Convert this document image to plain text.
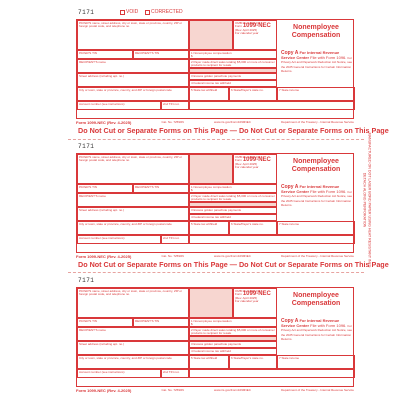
7171	VOID	CORRECTED
PAYER'S name, street address, city or town, state or province, country, ZIP or foreign postal code, and telephone no.
OMB No. 1545-0116
Form 1099-NEC
(Rev. April 2025)
For calendar year
Nonemployee Compensation
PAYER'S TIN	RECIPIENT'S TIN	1 Nonemployee compensation
$
Copy A For Internal Revenue Service Center File with Form 1096. For Privacy Act and Paperwork Reduction Act Notice, see the 2025 General Instructions for Certain Information Returns.
RECIPIENT'S name	2 Payer made direct sales totaling $5,000 or more of consumer products to recipient for resale
Street address (including apt. no.)	3 Excess golden parachute payments
4 Federal income tax withheld
City or town, state or province, country, and ZIP or foreign postal code	5 State tax withheld	6 State/Payer's state no.	7 State income
Account number (see instructions)	2nd TIN not.
Form 1099-NEC (Rev. 4-2025)	Cat. No. 72590N	www.irs.gov/Form1099NEC	Department of the Treasury - Internal Revenue Service
Do Not Cut or Separate Forms on This Page — Do Not Cut or Separate Forms on This Page
7171
PAYER'S name, street address, city or town, state or province, country, ZIP or foreign postal code, and telephone no.
OMB No. 1545-0116
Form 1099-NEC
(Rev. April 2025)
For calendar year
Nonemployee Compensation
PAYER'S TIN	RECIPIENT'S TIN	1 Nonemployee compensation
$
Copy A For Internal Revenue Service Center File with Form 1096. For Privacy Act and Paperwork Reduction Act Notice, see the 2025 General Instructions for Certain Information Returns.
RECIPIENT'S name	2 Payer made direct sales totaling $5,000 or more of consumer products to recipient for resale
Street address (including apt. no.)	3 Excess golden parachute payments
4 Federal income tax withheld
City or town, state or province, country, and ZIP or foreign postal code	5 State tax withheld	6 State/Payer's state no.	7 State income
Account number (see instructions)	2nd TIN not.
Form 1099-NEC (Rev. 4-2025)	Cat. No. 72590N	www.irs.gov/Form1099NEC	Department of the Treasury - Internal Revenue Service
Do Not Cut or Separate Forms on This Page — Do Not Cut or Separate Forms on This Page
7171
PAYER'S name, street address, city or town, state or province, country, ZIP or foreign postal code, and telephone no.
OMB No. 1545-0116
Form 1099-NEC
(Rev. April 2025)
For calendar year
Nonemployee Compensation
PAYER'S TIN	RECIPIENT'S TIN	1 Nonemployee compensation
$
Copy A For Internal Revenue Service Center File with Form 1096. For Privacy Act and Paperwork Reduction Act Notice, see the 2025 General Instructions for Certain Information Returns.
RECIPIENT'S name	2 Payer made direct sales totaling $5,000 or more of consumer products to recipient for resale
Street address (including apt. no.)	3 Excess golden parachute payments
4 Federal income tax withheld
City or town, state or province, country, and ZIP or foreign postal code	5 State tax withheld	6 State/Payer's state no.	7 State income
Account number (see instructions)	2nd TIN not.
Form 1099-NEC (Rev. 4-2025)	Cat. No. 72590N	www.irs.gov/Form1099NEC	Department of the Treasury - Internal Revenue Service
MANUFACTURED ON DOT LASER BOND PAPER USING HEAT RESISTANT INKS
DETACH ALONG PERFORATION
